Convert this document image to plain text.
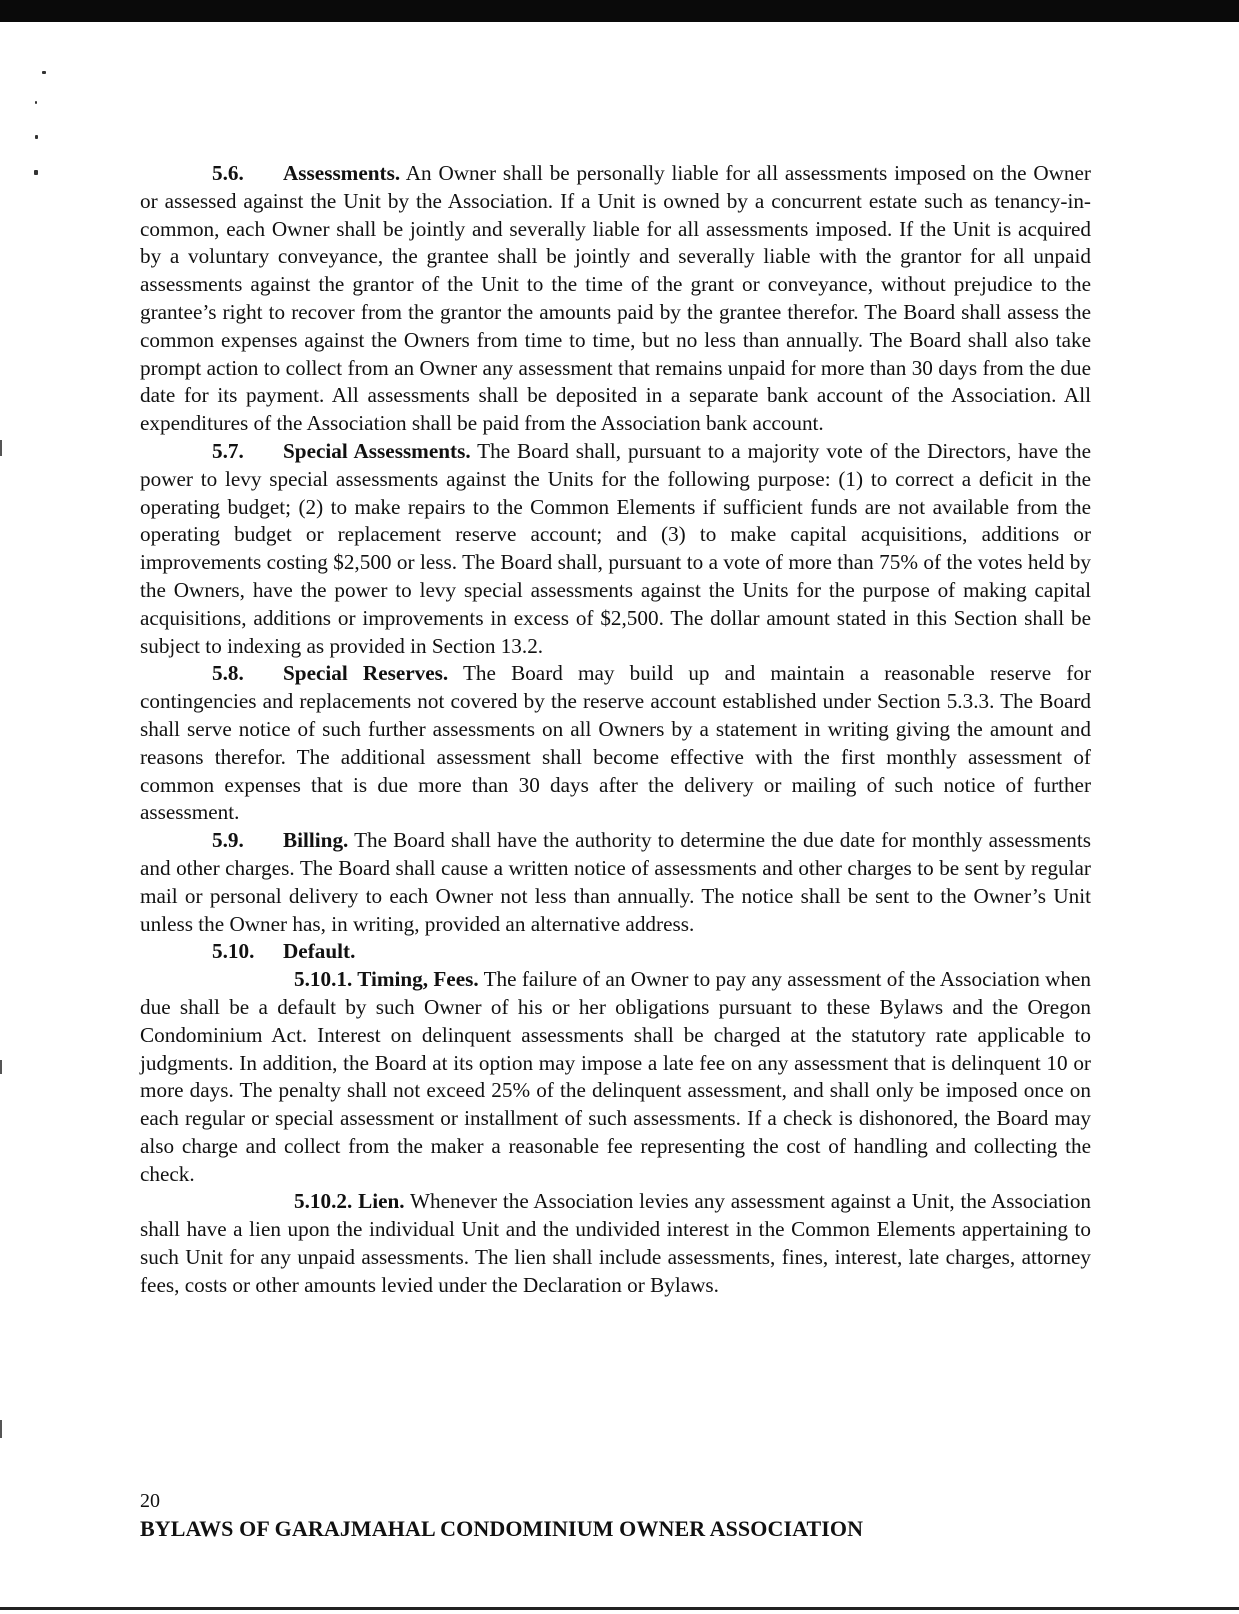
5.6. Assessments. An Owner shall be personally liable for all assessments imposed on the Owner or assessed against the Unit by the Association. If a Unit is owned by a concurrent estate such as tenancy-in-common, each Owner shall be jointly and severally liable for all assessments imposed. If the Unit is acquired by a voluntary conveyance, the grantee shall be jointly and severally liable with the grantor for all unpaid assessments against the grantor of the Unit to the time of the grant or conveyance, without prejudice to the grantee’s right to recover from the grantor the amounts paid by the grantee therefor. The Board shall assess the common expenses against the Owners from time to time, but no less than annually. The Board shall also take prompt action to collect from an Owner any assessment that remains unpaid for more than 30 days from the due date for its payment. All assessments shall be deposited in a separate bank account of the Association. All expenditures of the Association shall be paid from the Association bank account.

5.7. Special Assessments. The Board shall, pursuant to a majority vote of the Directors, have the power to levy special assessments against the Units for the following purpose: (1) to correct a deficit in the operating budget; (2) to make repairs to the Common Elements if sufficient funds are not available from the operating budget or replacement reserve account; and (3) to make capital acquisitions, additions or improvements costing $2,500 or less. The Board shall, pursuant to a vote of more than 75% of the votes held by the Owners, have the power to levy special assessments against the Units for the purpose of making capital acquisitions, additions or improvements in excess of $2,500. The dollar amount stated in this Section shall be subject to indexing as provided in Section 13.2.

5.8. Special Reserves. The Board may build up and maintain a reasonable reserve for contingencies and replacements not covered by the reserve account established under Section 5.3.3. The Board shall serve notice of such further assessments on all Owners by a statement in writing giving the amount and reasons therefor. The additional assessment shall become effective with the first monthly assessment of common expenses that is due more than 30 days after the delivery or mailing of such notice of further assessment.

5.9. Billing. The Board shall have the authority to determine the due date for monthly assessments and other charges. The Board shall cause a written notice of assessments and other charges to be sent by regular mail or personal delivery to each Owner not less than annually. The notice shall be sent to the Owner’s Unit unless the Owner has, in writing, provided an alternative address.

5.10. Default.

5.10.1. Timing, Fees. The failure of an Owner to pay any assessment of the Association when due shall be a default by such Owner of his or her obligations pursuant to these Bylaws and the Oregon Condominium Act. Interest on delinquent assessments shall be charged at the statutory rate applicable to judgments. In addition, the Board at its option may impose a late fee on any assessment that is delinquent 10 or more days. The penalty shall not exceed 25% of the delinquent assessment, and shall only be imposed once on each regular or special assessment or installment of such assessments. If a check is dishonored, the Board may also charge and collect from the maker a reasonable fee representing the cost of handling and collecting the check.

5.10.2. Lien. Whenever the Association levies any assessment against a Unit, the Association shall have a lien upon the individual Unit and the undivided interest in the Common Elements appertaining to such Unit for any unpaid assessments. The lien shall include assessments, fines, interest, late charges, attorney fees, costs or other amounts levied under the Declaration or Bylaws.

20
BYLAWS OF GARAJMAHAL CONDOMINIUM OWNER ASSOCIATION
